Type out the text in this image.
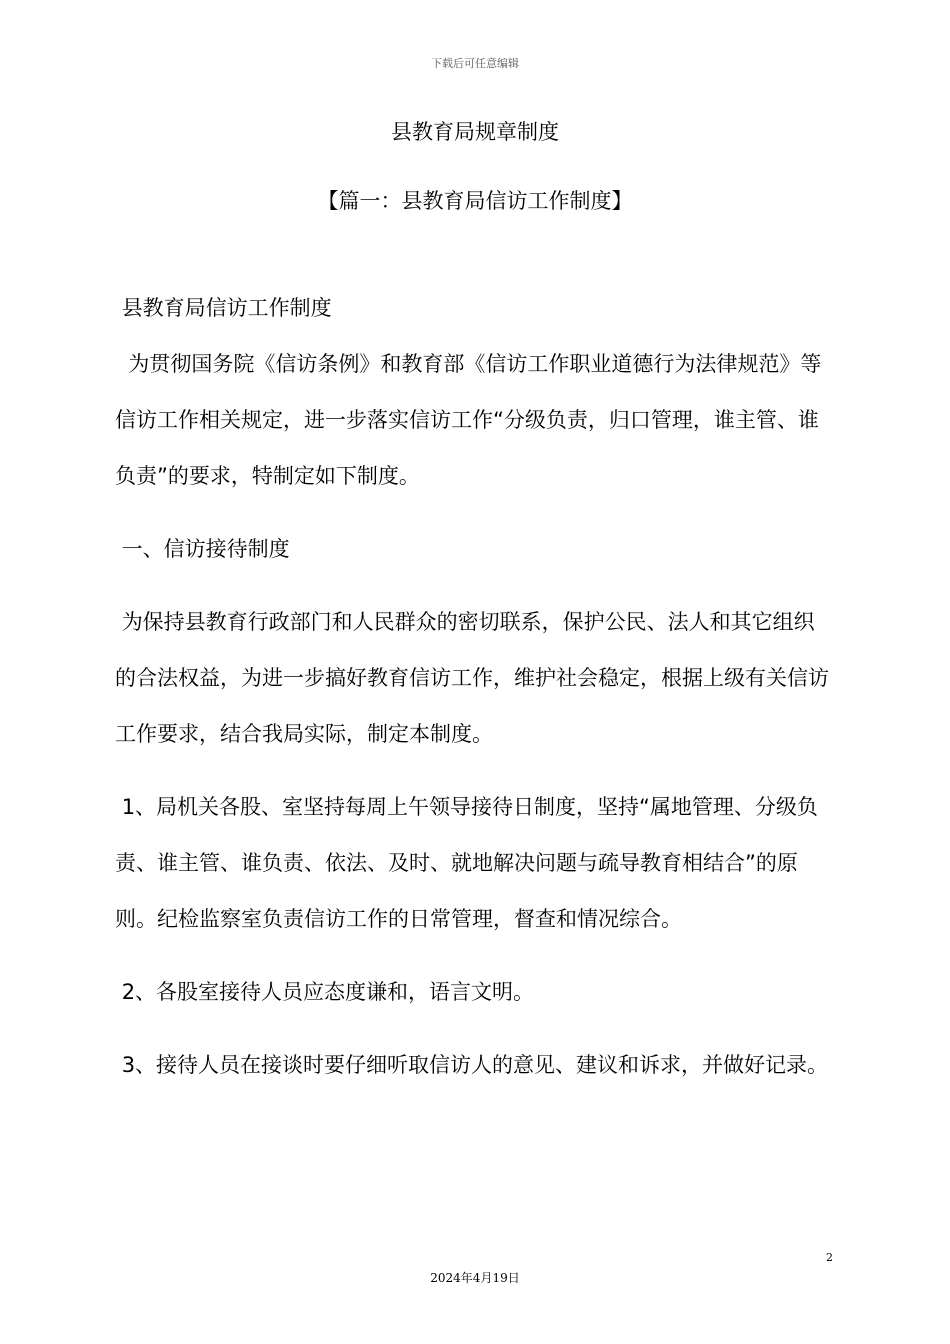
下载后可任意编辑
县教育局规章制度
【篇一：县教育局信访工作制度】

县教育局信访工作制度

为贯彻国务院《信访条例》和教育部《信访工作职业道德行为法律规范》等信访工作相关规定，进一步落实信访工作“分级负责，归口管理，谁主管、谁负责”的要求，特制定如下制度。

一、信访接待制度

为保持县教育行政部门和人民群众的密切联系，保护公民、法人和其它组织的合法权益，为进一步搞好教育信访工作，维护社会稳定，根据上级有关信访工作要求，结合我局实际，制定本制度。

1、局机关各股、室坚持每周上午领导接待日制度，坚持“属地管理、分级负责、谁主管、谁负责、依法、及时、就地解决问题与疏导教育相结合”的原则。纪检监察室负责信访工作的日常管理，督查和情况综合。

2、各股室接待人员应态度谦和，语言文明。

3、接待人员在接谈时要仔细听取信访人的意见、建议和诉求，并做好记录。

2
2024年4月19日
